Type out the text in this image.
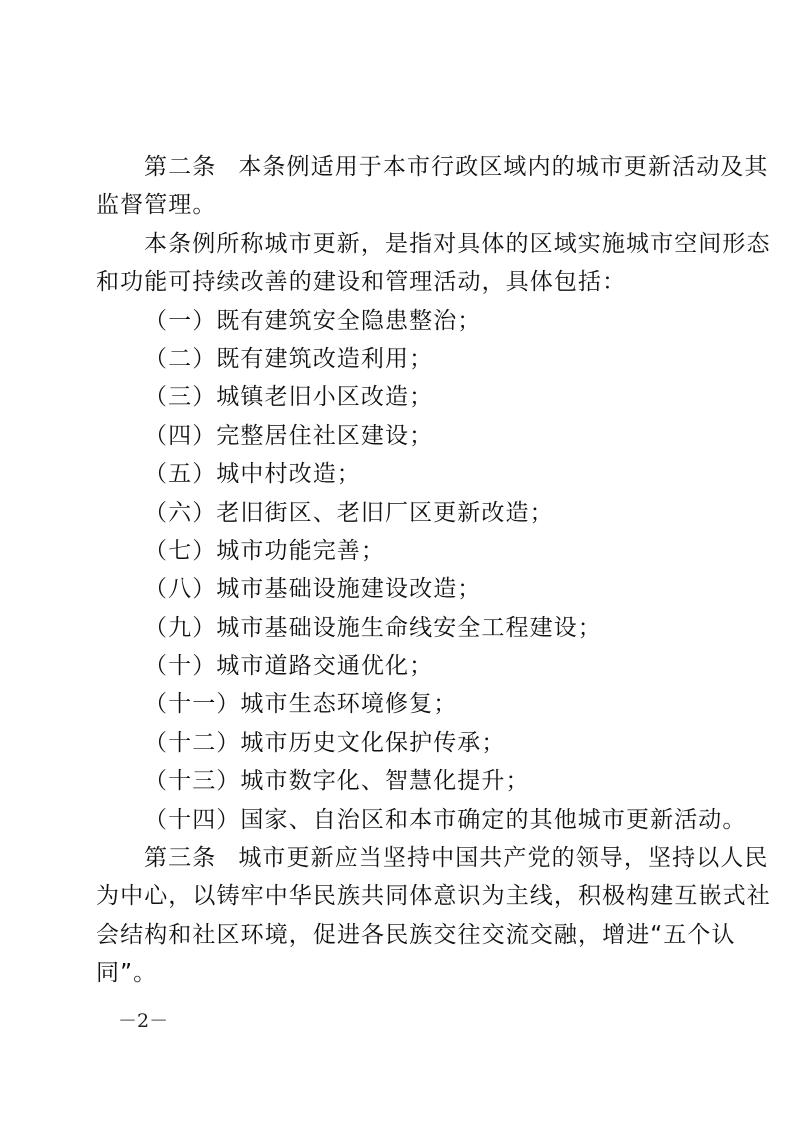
第二条 本条例适用于本市行政区域内的城市更新活动及其
监督管理。
本条例所称城市更新，是指对具体的区域实施城市空间形态
和功能可持续改善的建设和管理活动，具体包括：
（一）既有建筑安全隐患整治；
（二）既有建筑改造利用；
（三）城镇老旧小区改造；
（四）完整居住社区建设；
（五）城中村改造；
（六）老旧街区、老旧厂区更新改造；
（七）城市功能完善；
（八）城市基础设施建设改造；
（九）城市基础设施生命线安全工程建设；
（十）城市道路交通优化；
（十一）城市生态环境修复；
（十二）城市历史文化保护传承；
（十三）城市数字化、智慧化提升；
（十四）国家、自治区和本市确定的其他城市更新活动。
第三条 城市更新应当坚持中国共产党的领导，坚持以人民
为中心，以铸牢中华民族共同体意识为主线，积极构建互嵌式社
会结构和社区环境，促进各民族交往交流交融，增进“五个认
同”。
－2－
